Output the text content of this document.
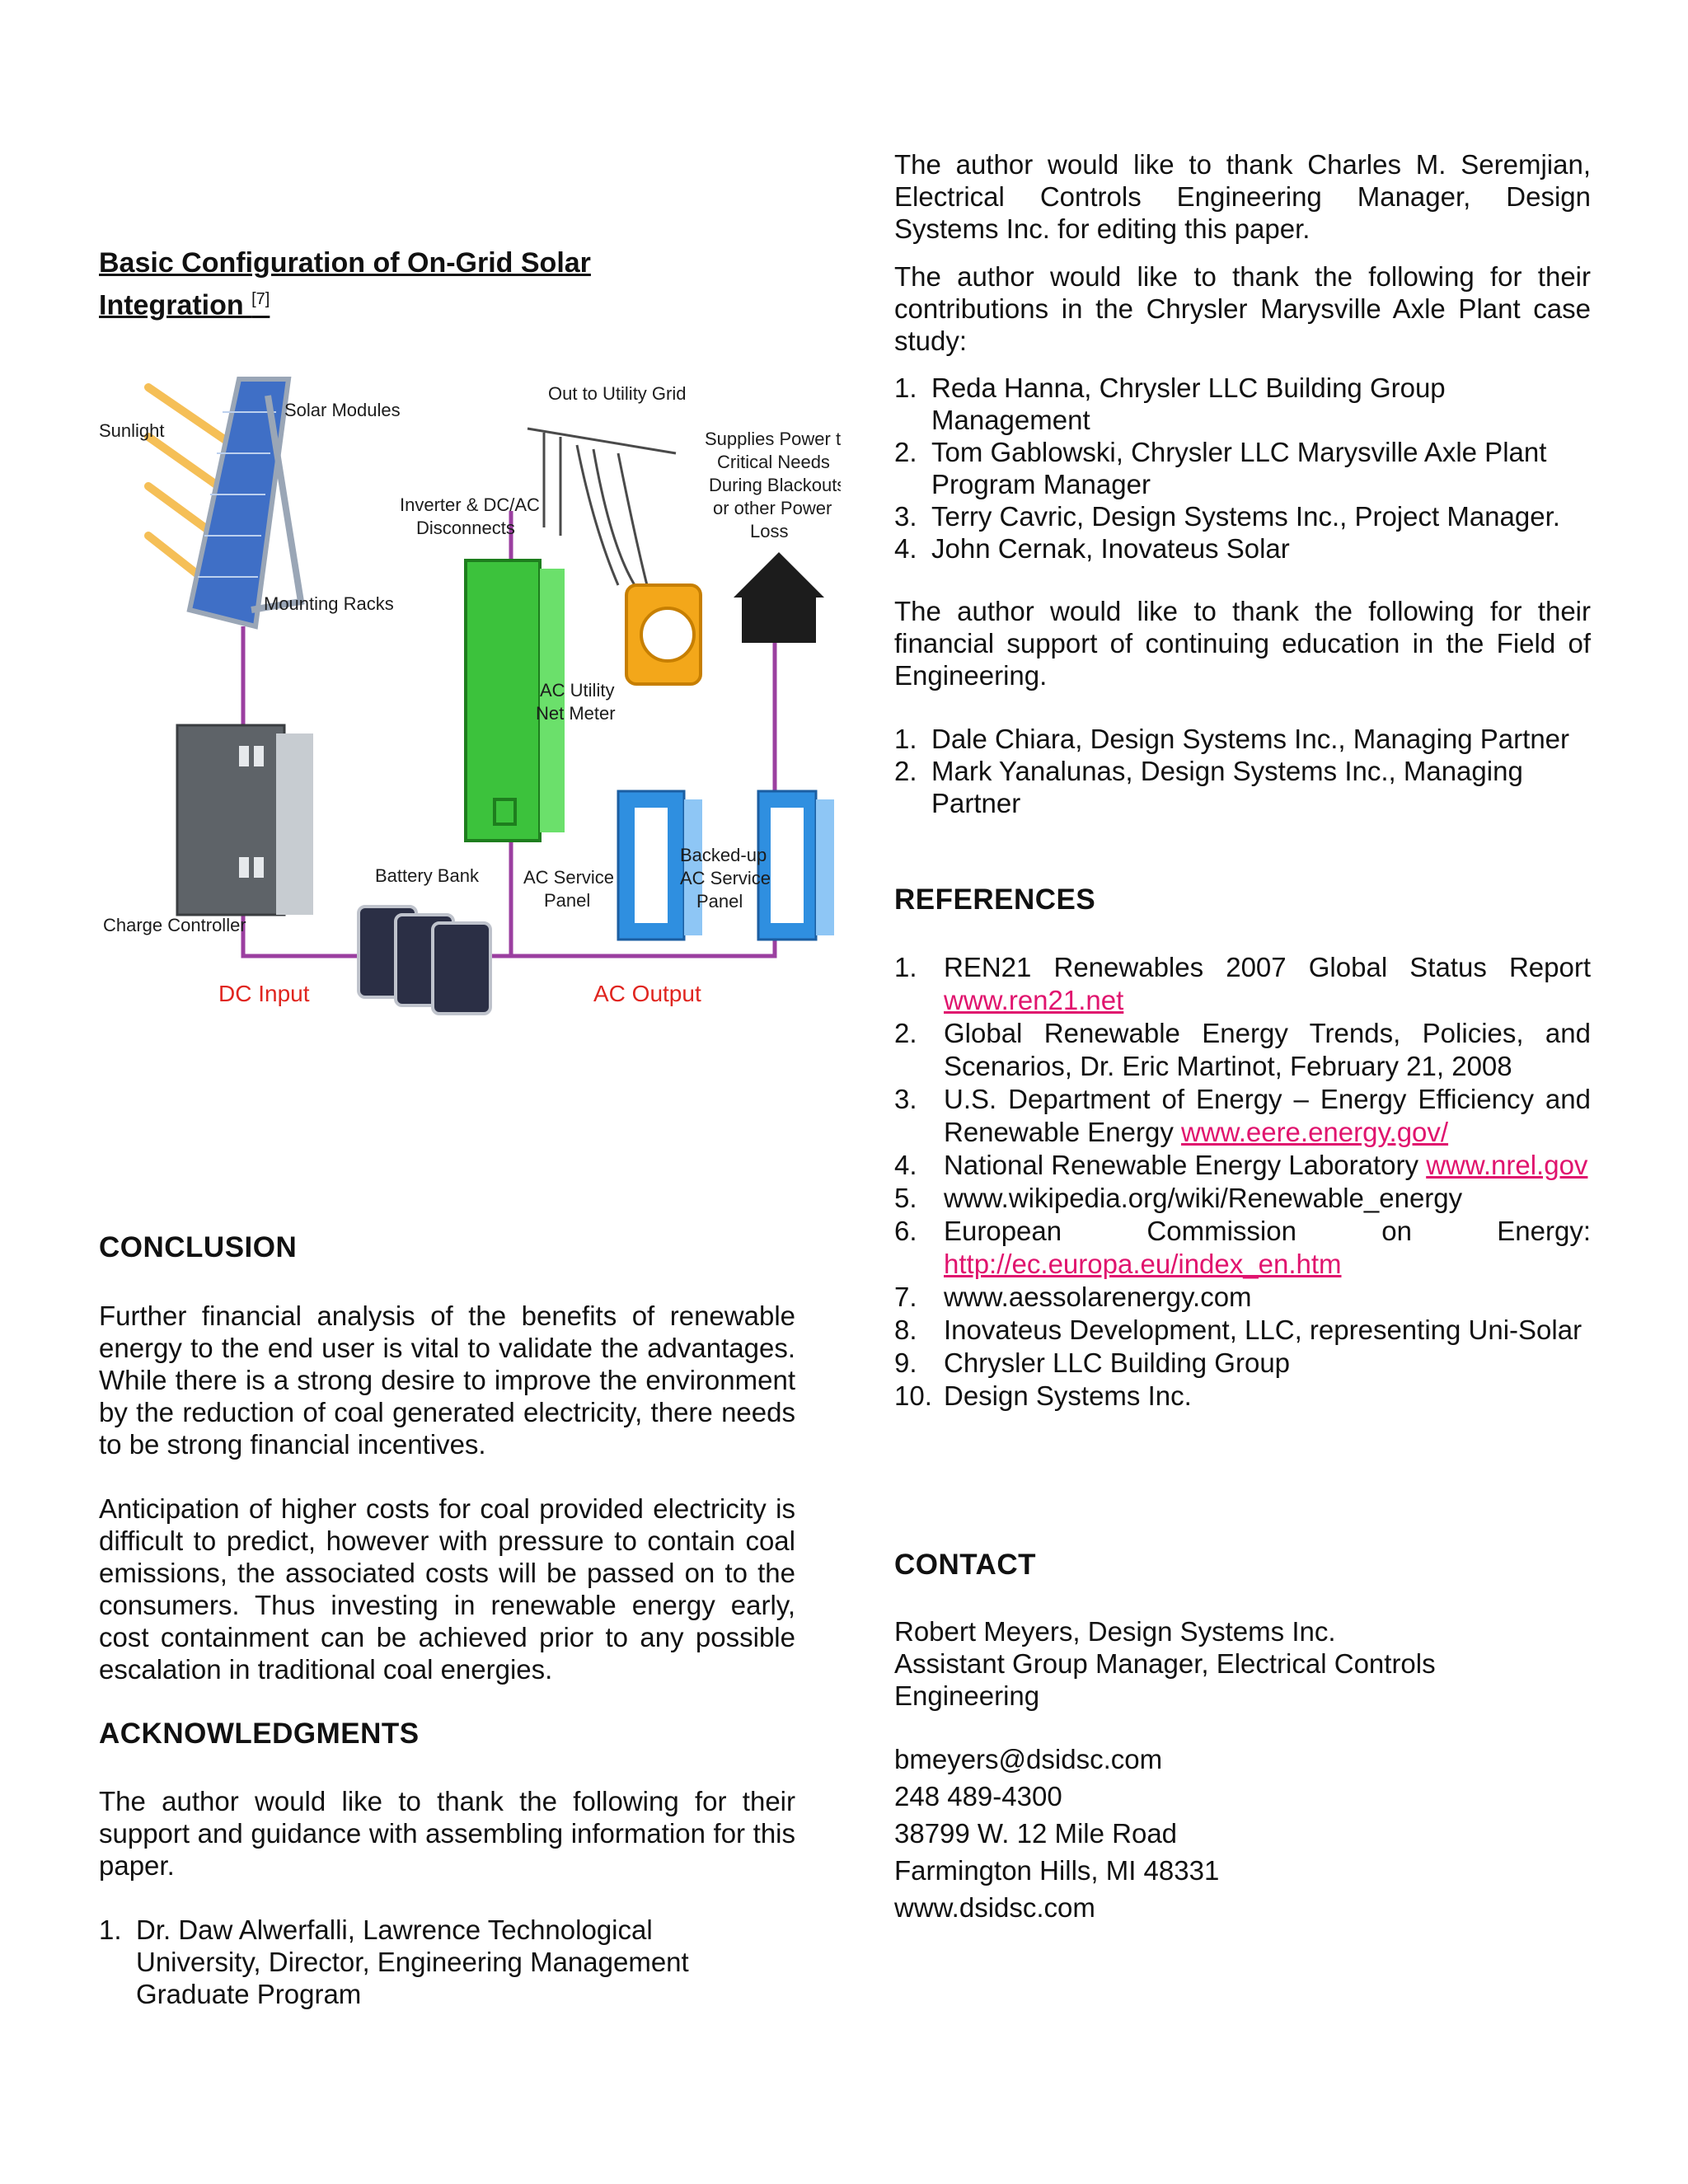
Basic Configuration of On-Grid Solar
Integration [7]
Sunlight
Solar Modules
Mounting Racks
Out to Utility Grid
Supplies Power to
Critical Needs
During Blackouts
or other Power
Loss
Inverter & DC/AC
Disconnects
AC Utility
Net Meter
Battery Bank AC Service
Panel
Backed-up
AC Service
Panel
Charge Controller
DC Input	AC Output
CONCLUSION

Further financial analysis of the benefits of renewable energy to the end user is vital to validate the advantages. While there is a strong desire to improve the environment by the reduction of coal generated electricity, there needs to be strong financial incentives.

Anticipation of higher costs for coal provided electricity is difficult to predict, however with pressure to contain coal emissions, the associated costs will be passed on to the consumers. Thus investing in renewable energy early, cost containment can be achieved prior to any possible escalation in traditional coal energies.

ACKNOWLEDGMENTS

The author would like to thank the following for their support and guidance with assembling information for this paper.

1. Dr. Daw Alwerfalli, Lawrence Technological University, Director, Engineering Management Graduate Program

The author would like to thank Charles M. Seremjian, Electrical Controls Engineering Manager, Design Systems Inc. for editing this paper.

The author would like to thank the following for their contributions in the Chrysler Marysville Axle Plant case study:

1. Reda Hanna, Chrysler LLC Building Group Management
2. Tom Gablowski, Chrysler LLC Marysville Axle Plant Program Manager
3. Terry Cavric, Design Systems Inc., Project Manager.
4. John Cernak, Inovateus Solar

The author would like to thank the following for their financial support of continuing education in the Field of Engineering.

1. Dale Chiara, Design Systems Inc., Managing Partner
2. Mark Yanalunas, Design Systems Inc., Managing Partner
REFERENCES
1. REN21 Renewables 2007 Global Status Report www.ren21.net
2. Global Renewable Energy Trends, Policies, and Scenarios, Dr. Eric Martinot, February 21, 2008
3. U.S. Department of Energy – Energy Efficiency and Renewable Energy www.eere.energy.gov/
4. National Renewable Energy Laboratory www.nrel.gov
5. www.wikipedia.org/wiki/Renewable_energy
6. European Commission on Energy: http://ec.europa.eu/index_en.htm
7. www.aessolarenergy.com
8. Inovateus Development, LLC, representing Uni-Solar
9. Chrysler LLC Building Group
10. Design Systems Inc.
CONTACT
Robert Meyers, Design Systems Inc.
Assistant Group Manager, Electrical Controls
Engineering
bmeyers@dsidsc.com
248 489-4300
38799 W. 12 Mile Road
Farmington Hills, MI 48331
www.dsidsc.com
